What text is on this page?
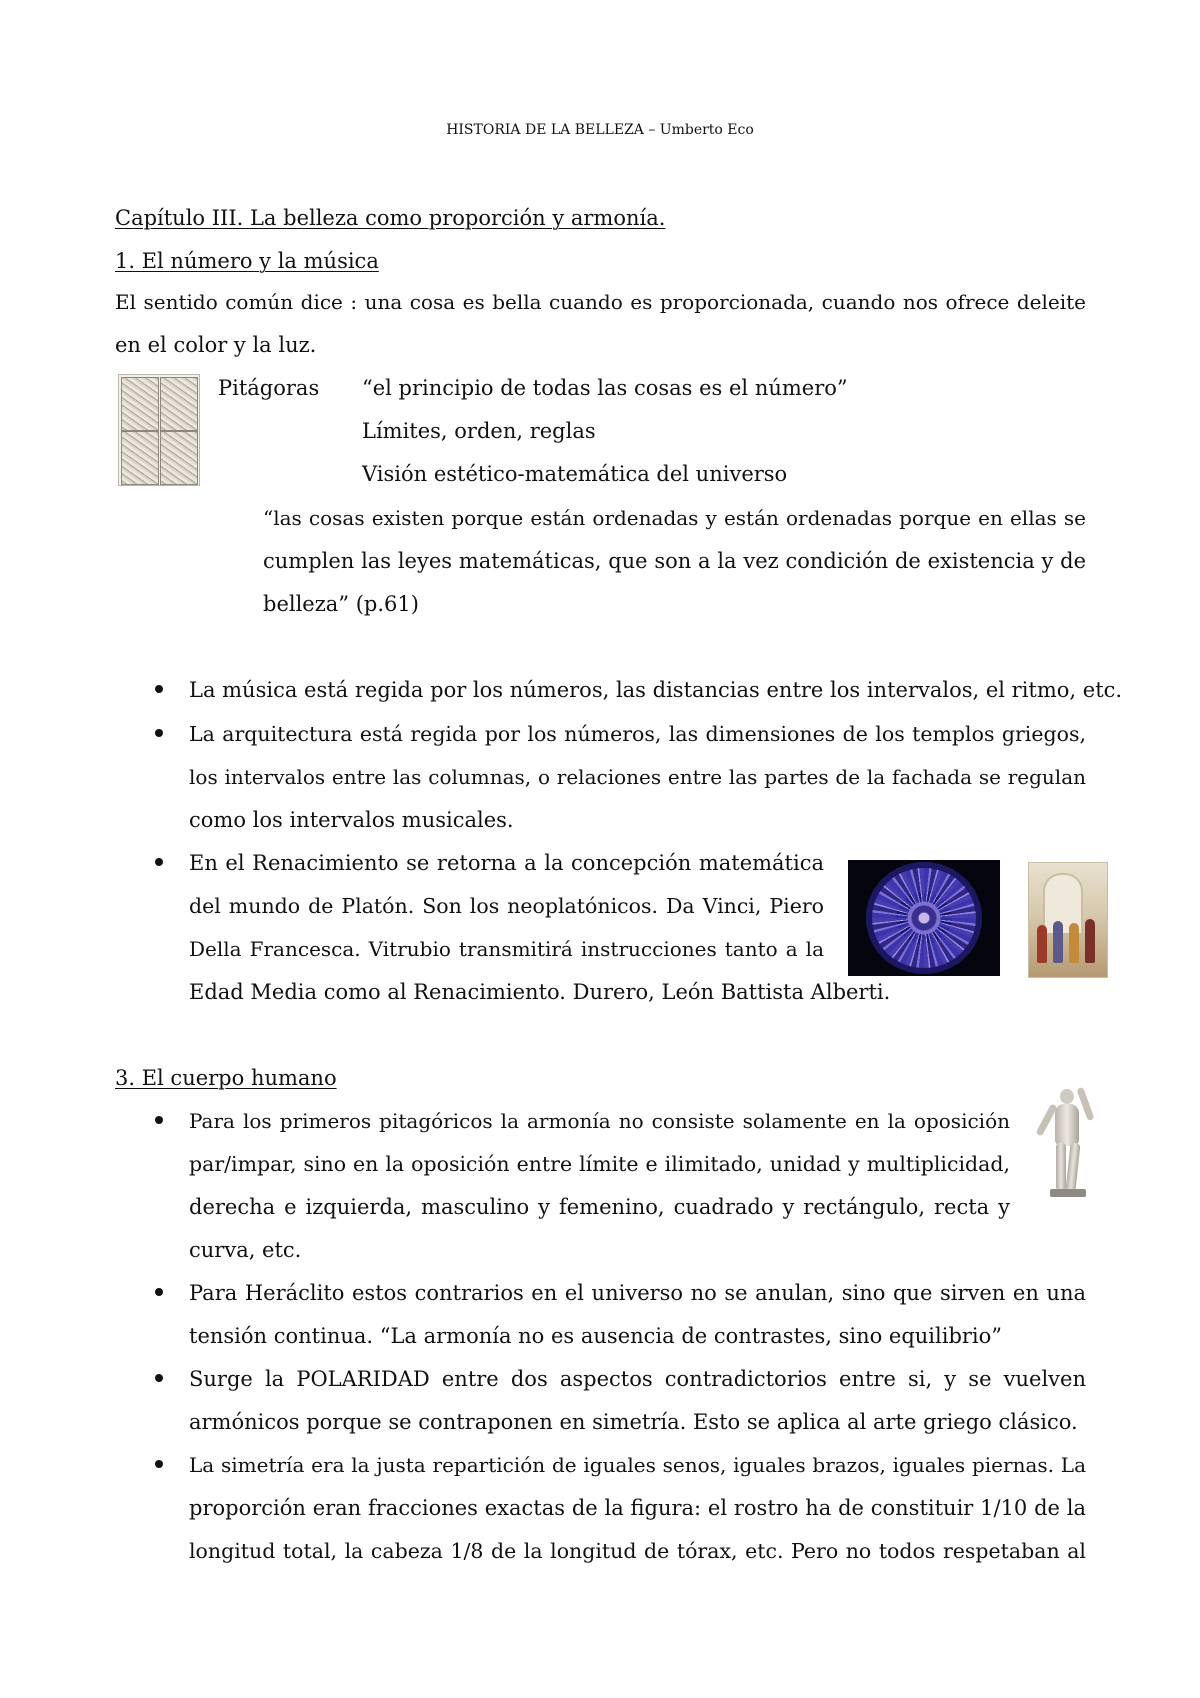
HISTORIA DE LA BELLEZA – Umberto Eco

Capítulo III. La belleza como proporción y armonía.

1. El número y la música

El sentido común dice : una cosa es bella cuando es proporcionada, cuando nos ofrece deleite

en el color y la luz.

Pitágoras “el principio de todas las cosas es el número”

Límites, orden, reglas

Visión estético-matemática del universo

“las cosas existen porque están ordenadas y están ordenadas porque en ellas se

cumplen las leyes matemáticas, que son a la vez condición de existencia y de

belleza” (p.61)

La música está regida por los números, las distancias entre los intervalos, el ritmo, etc.

La arquitectura está regida por los números, las dimensiones de los templos griegos,

los intervalos entre las columnas, o relaciones entre las partes de la fachada se regulan

como los intervalos musicales.

En el Renacimiento se retorna a la concepción matemática

del mundo de Platón. Son los neoplatónicos. Da Vinci, Piero

Della Francesca. Vitrubio transmitirá instrucciones tanto a la

Edad Media como al Renacimiento. Durero, León Battista Alberti.

3. El cuerpo humano

Para los primeros pitagóricos la armonía no consiste solamente en la oposición

par/impar, sino en la oposición entre límite e ilimitado, unidad y multiplicidad,

derecha e izquierda, masculino y femenino, cuadrado y rectángulo, recta y

curva, etc.

Para Heráclito estos contrarios en el universo no se anulan, sino que sirven en una

tensión continua. “La armonía no es ausencia de contrastes, sino equilibrio”

Surge la POLARIDAD entre dos aspectos contradictorios entre si, y se vuelven

armónicos porque se contraponen en simetría. Esto se aplica al arte griego clásico.

La simetría era la justa repartición de iguales senos, iguales brazos, iguales piernas. La

proporción eran fracciones exactas de la figura: el rostro ha de constituir 1/10 de la

longitud total, la cabeza 1/8 de la longitud de tórax, etc. Pero no todos respetaban al
